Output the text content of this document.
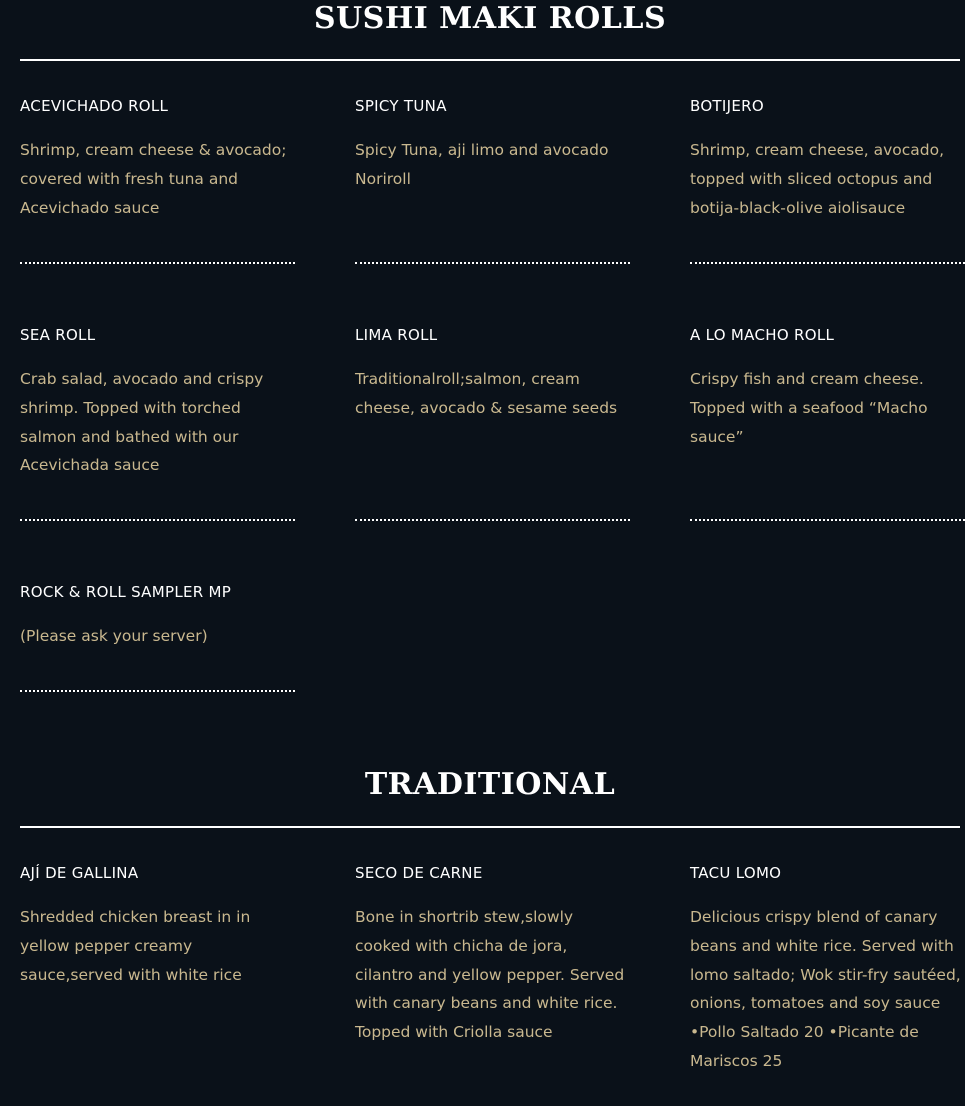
SUSHI MAKI ROLLS
ACEVICHADO ROLL
Shrimp, cream cheese & avocado; covered with fresh tuna and Acevichado sauce
SPICY TUNA
Spicy Tuna, aji limo and avocado Noriroll
BOTIJERO
Shrimp, cream cheese, avocado, topped with sliced octopus and botija-black-olive aiolisauce
SEA ROLL
Crab salad, avocado and crispy shrimp. Topped with torched salmon and bathed with our Acevichada sauce
LIMA ROLL
Traditionalroll;salmon, cream cheese, avocado & sesame seeds
A LO MACHO ROLL
Crispy fish and cream cheese. Topped with a seafood “Macho sauce”
ROCK & ROLL SAMPLER MP
(Please ask your server)
TRADITIONAL
AJÍ DE GALLINA
Shredded chicken breast in in yellow pepper creamy sauce,served with white rice
SECO DE CARNE
Bone in shortrib stew,slowly cooked with chicha de jora, cilantro and yellow pepper. Served with canary beans and white rice. Topped with Criolla sauce
TACU LOMO
Delicious crispy blend of canary beans and white rice. Served with lomo saltado; Wok stir-fry sautéed, onions, tomatoes and soy sauce •Pollo Saltado 20 •Picante de Mariscos 25
